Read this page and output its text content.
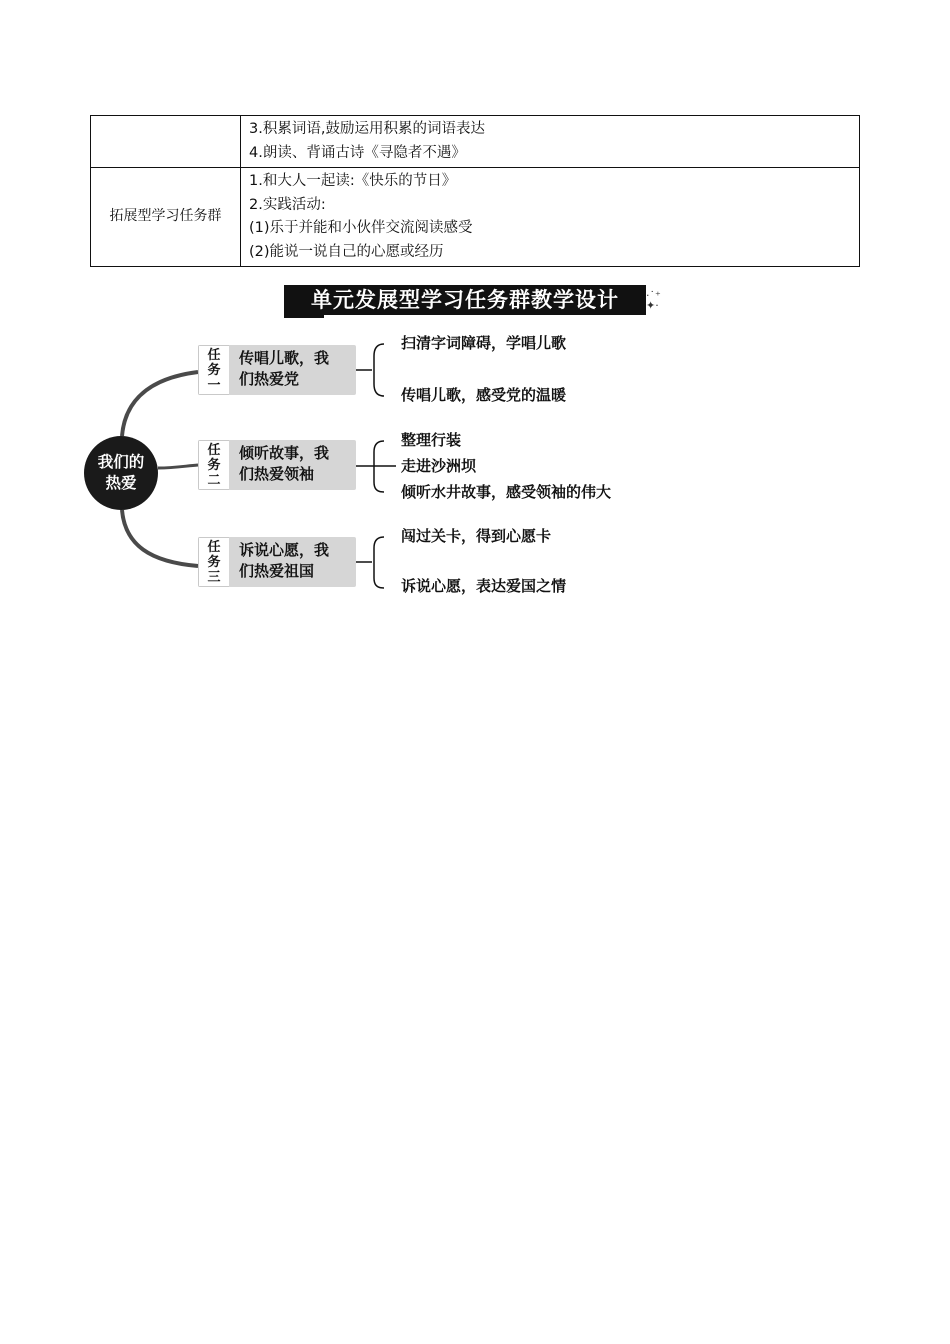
	3.积累词语,鼓励运用积累的词语表达
4.朗读、背诵古诗《寻隐者不遇》

拓展型学习任务群	1.和大人一起读:《快乐的节日》
2.实践活动:
(1)乐于并能和小伙伴交流阅读感受
(2)能说一说自己的心愿或经历
单元发展型学习任务群教学设计	·˙⁺
✦·
我们的
热爱
任
务
一
传唱儿歌，我
们热爱党
扫清字词障碍，学唱儿歌
传唱儿歌，感受党的温暖
任
务
二
倾听故事，我
们热爱领袖
整理行装
走进沙洲坝
倾听水井故事，感受领袖的伟大
任
务
三
诉说心愿，我
们热爱祖国
闯过关卡，得到心愿卡
诉说心愿，表达爱国之情
